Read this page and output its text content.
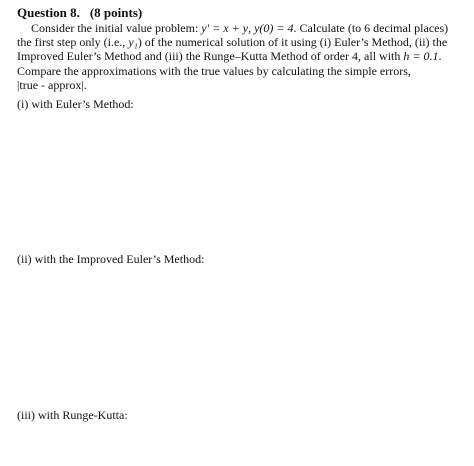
Question 8. (8 points)
Consider the initial value problem: y′ = x + y, y(0) = 4. Calculate (to 6 decimal places)
the first step only (i.e., y₁) of the numerical solution of it using (i) Euler’s Method, (ii) the
Improved Euler’s Method and (iii) the Runge–Kutta Method of order 4, all with h = 0.1.
Compare the approximations with the true values by calculating the simple errors,
|true - approx|.
(i) with Euler’s Method:
(ii) with the Improved Euler’s Method:
(iii) with Runge-Kutta:
